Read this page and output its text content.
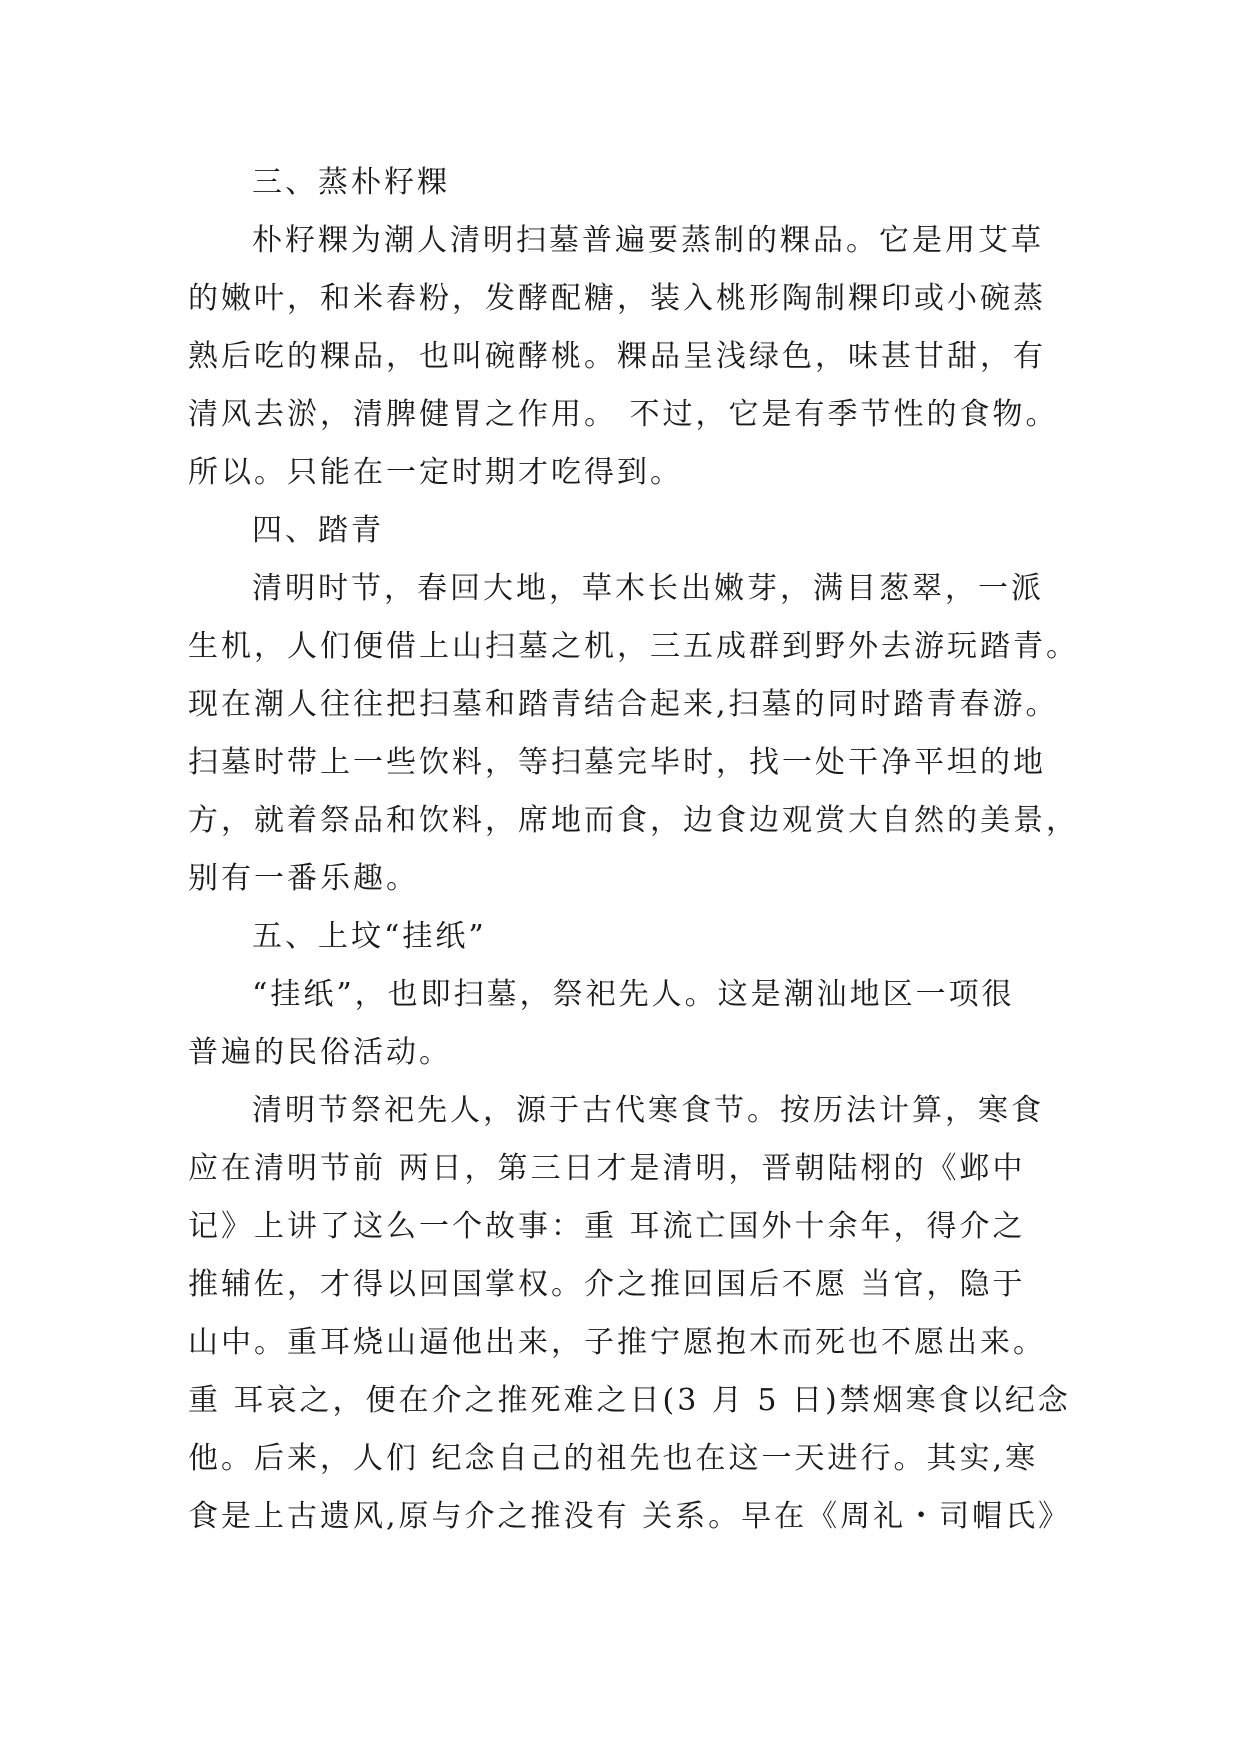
三、蒸朴籽粿
朴籽粿为潮人清明扫墓普遍要蒸制的粿品。它是用艾草
的嫩叶，和米舂粉，发酵配糖，装入桃形陶制粿印或小碗蒸
熟后吃的粿品，也叫碗酵桃。粿品呈浅绿色，味甚甘甜，有
清风去淤，清脾健胃之作用。 不过，它是有季节性的食物。
所以。只能在一定时期才吃得到。
四、踏青
清明时节，春回大地，草木长出嫩芽，满目葱翠，一派
生机，人们便借上山扫墓之机，三五成群到野外去游玩踏青。
现在潮人往往把扫墓和踏青结合起来,扫墓的同时踏青春游。
扫墓时带上一些饮料，等扫墓完毕时，找一处干净平坦的地
方，就着祭品和饮料，席地而食，边食边观赏大自然的美景，
别有一番乐趣。
五、上坟“挂纸”
“挂纸”，也即扫墓，祭祀先人。这是潮汕地区一项很
普遍的民俗活动。
清明节祭祀先人，源于古代寒食节。按历法计算，寒食
应在清明节前 两日，第三日才是清明，晋朝陆栩的《邺中
记》上讲了这么一个故事：重 耳流亡国外十余年，得介之
推辅佐，才得以回国掌权。介之推回国后不愿 当官，隐于
山中。重耳烧山逼他出来，子推宁愿抱木而死也不愿出来。
重 耳哀之，便在介之推死难之日(3 月 5 日)禁烟寒食以纪念
他。后来，人们 纪念自己的祖先也在这一天进行。其实,寒
食是上古遗风,原与介之推没有 关系。早在《周礼・司帽氏》
